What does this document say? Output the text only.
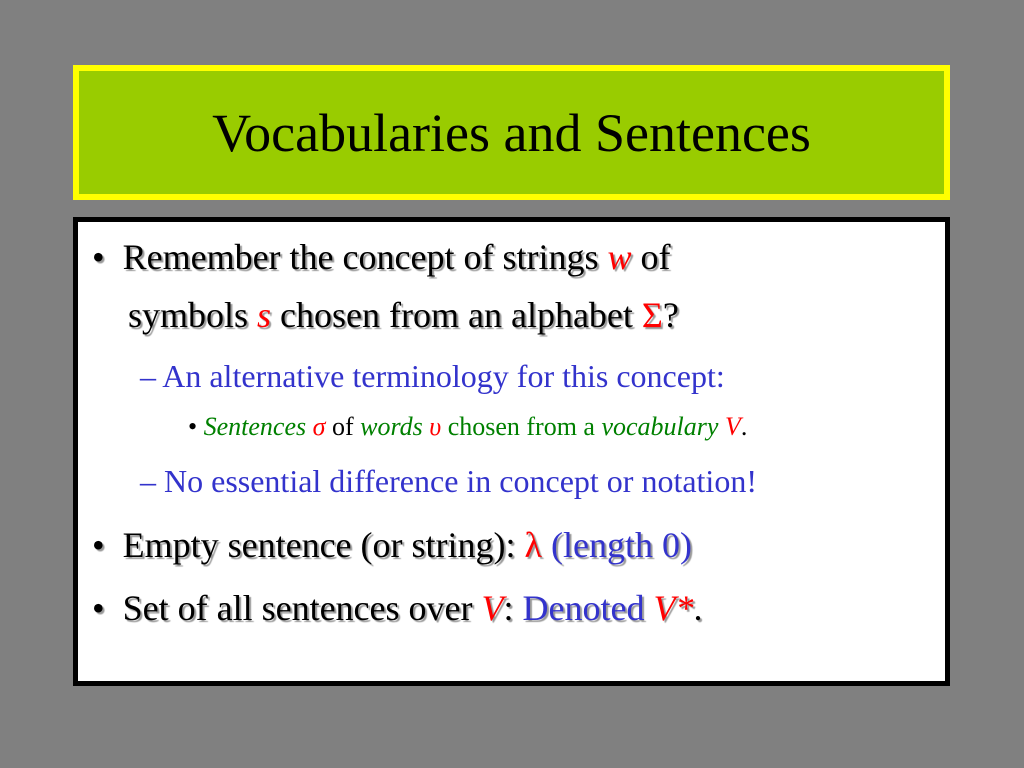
Vocabularies and Sentences
• Remember the concept of strings w of
symbols s chosen from an alphabet Σ?
– An alternative terminology for this concept:
• Sentences σ of words υ chosen from a vocabulary V.
– No essential difference in concept or notation!
• Empty sentence (or string): λ (length 0)
• Set of all sentences over V: Denoted V*.
